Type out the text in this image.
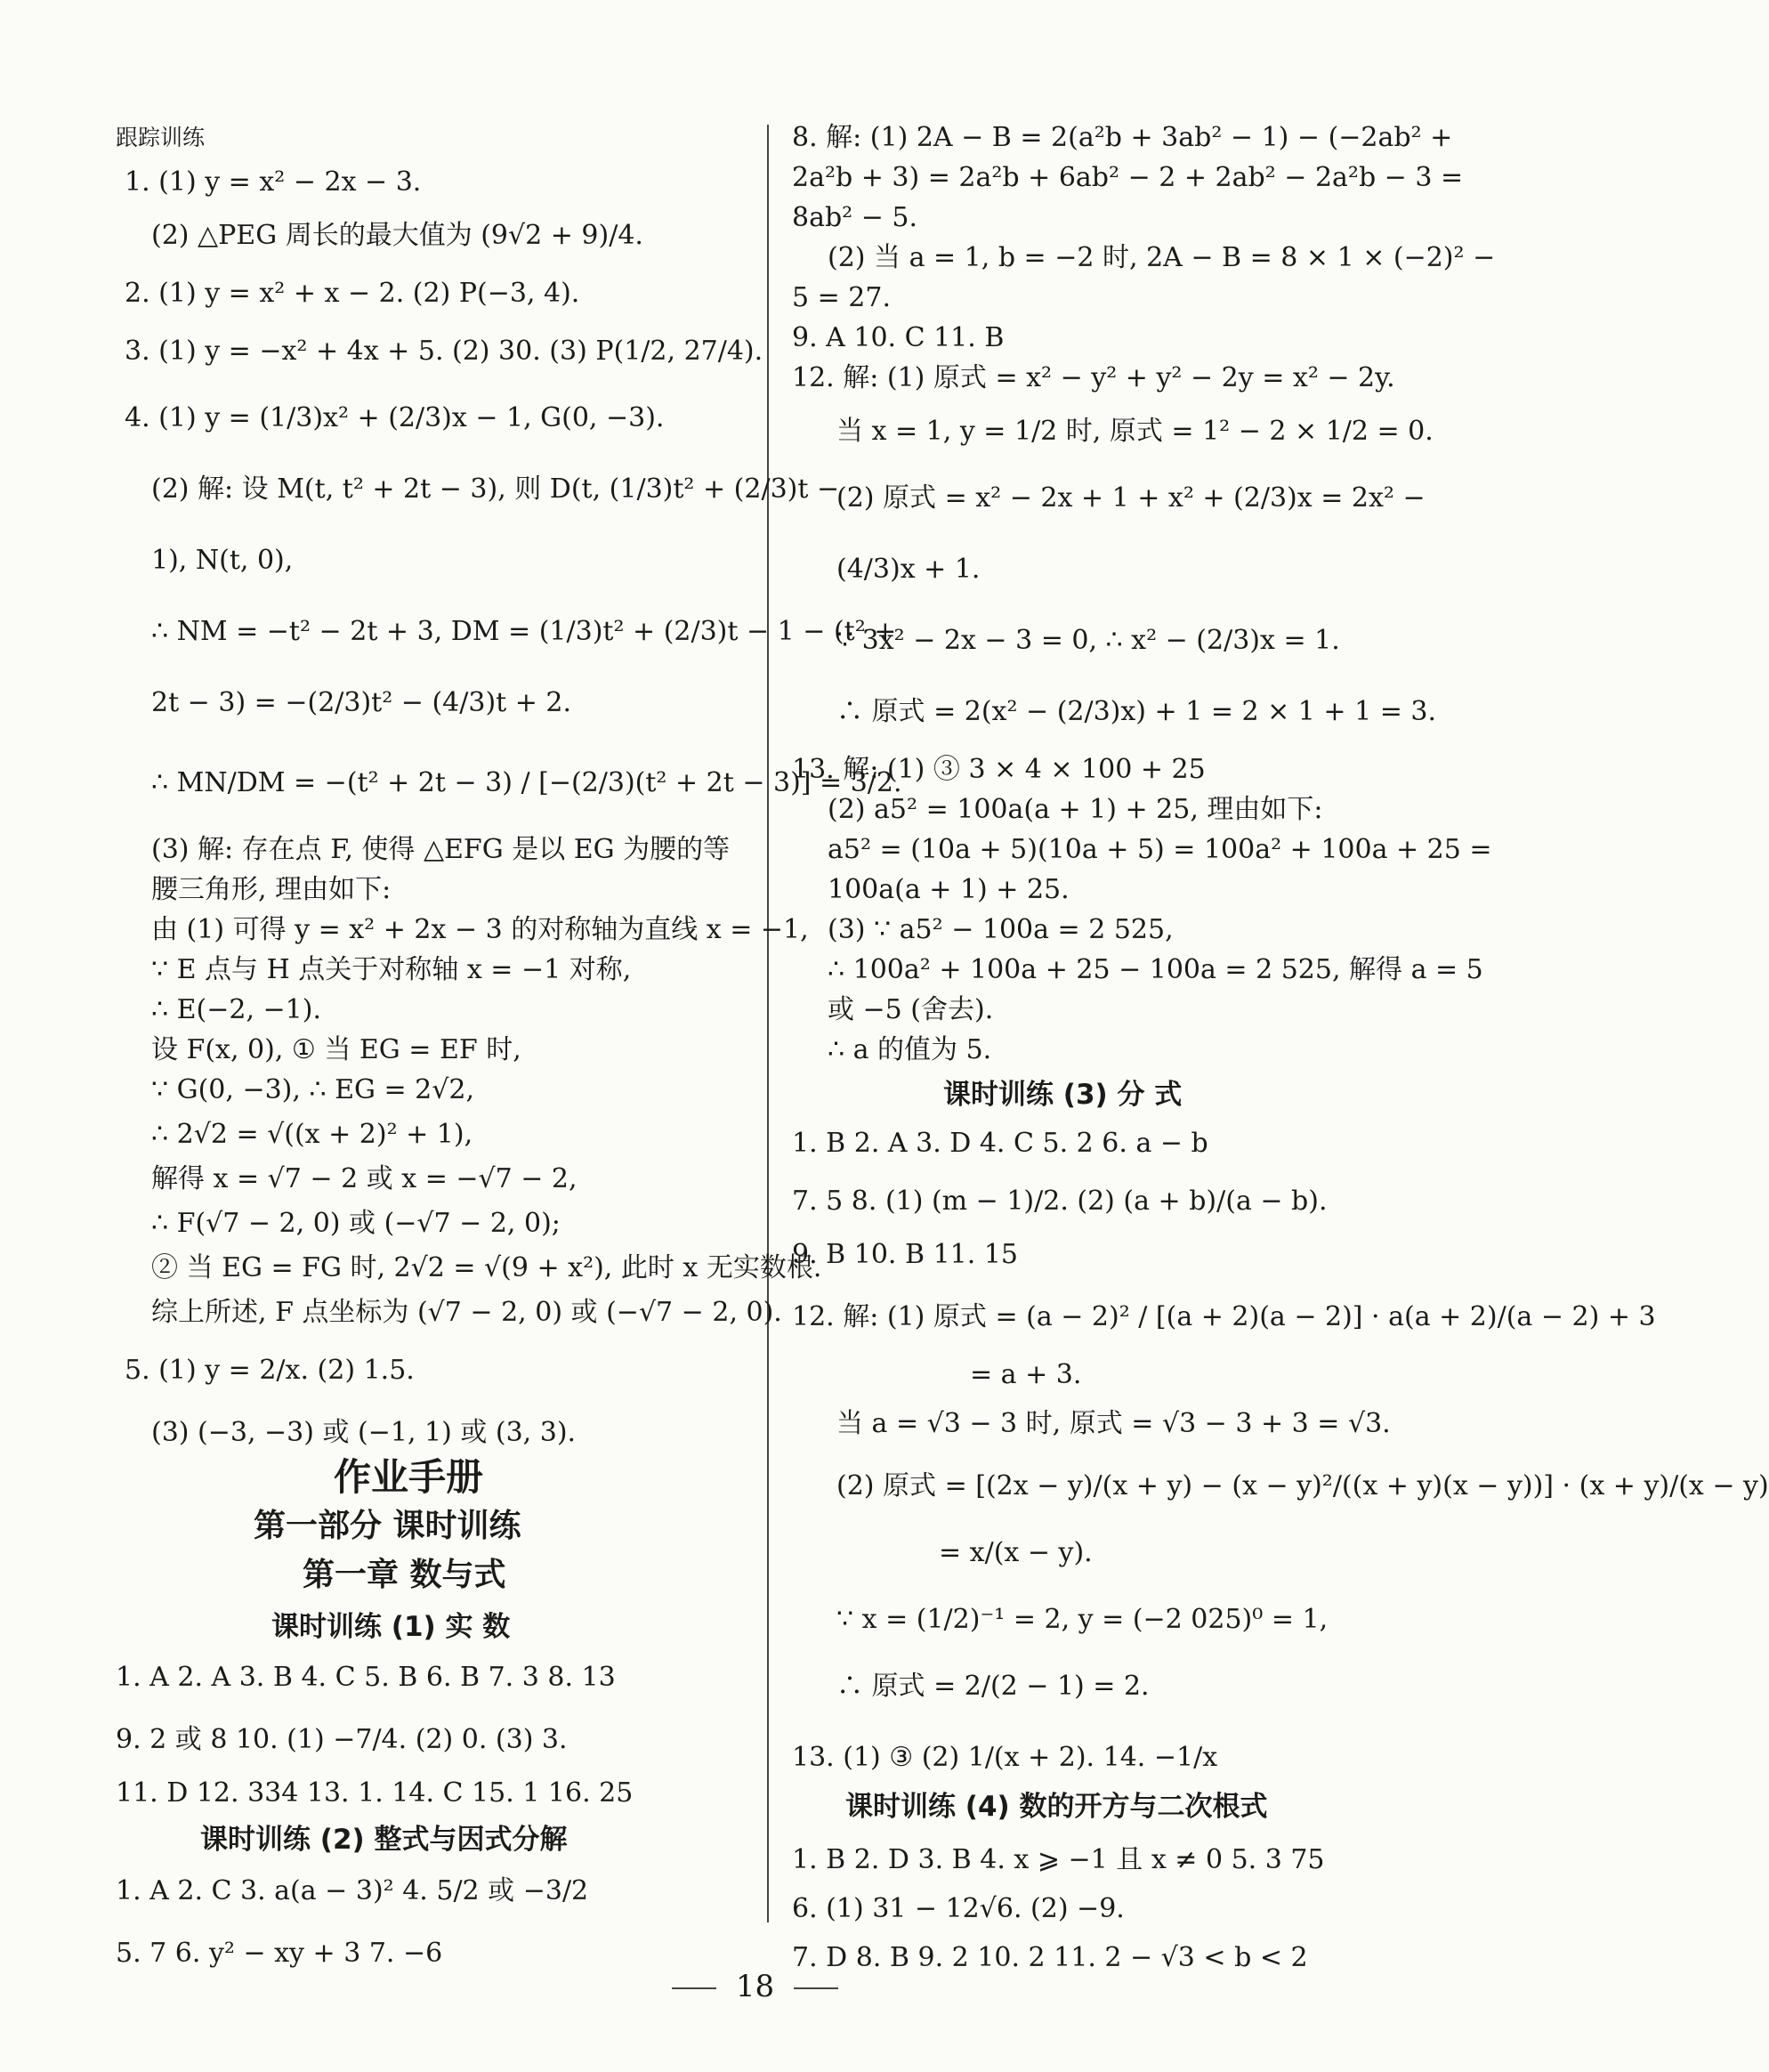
跟踪训练
1. (1) y = x² − 2x − 3.
(2) △PEG 周长的最大值为 (9√2 + 9)/4.
2. (1) y = x² + x − 2. (2) P(−3, 4).
3. (1) y = −x² + 4x + 5. (2) 30. (3) P(1/2, 27/4).
4. (1) y = (1/3)x² + (2/3)x − 1, G(0, −3).
(2) 解: 设 M(t, t² + 2t − 3), 则 D(t, (1/3)t² + (2/3)t −
1), N(t, 0),
∴ NM = −t² − 2t + 3, DM = (1/3)t² + (2/3)t − 1 − (t² +
2t − 3) = −(2/3)t² − (4/3)t + 2.
∴ MN/DM = −(t² + 2t − 3) / [−(2/3)(t² + 2t − 3)] = 3/2.
(3) 解: 存在点 F, 使得 △EFG 是以 EG 为腰的等
腰三角形, 理由如下:
由 (1) 可得 y = x² + 2x − 3 的对称轴为直线 x = −1,
∵ E 点与 H 点关于对称轴 x = −1 对称,
∴ E(−2, −1).
设 F(x, 0), ① 当 EG = EF 时,
∵ G(0, −3), ∴ EG = 2√2,
∴ 2√2 = √((x + 2)² + 1),
解得 x = √7 − 2 或 x = −√7 − 2,
∴ F(√7 − 2, 0) 或 (−√7 − 2, 0);
② 当 EG = FG 时, 2√2 = √(9 + x²), 此时 x 无实数根.
综上所述, F 点坐标为 (√7 − 2, 0) 或 (−√7 − 2, 0).
5. (1) y = 2/x. (2) 1.5.
(3) (−3, −3) 或 (−1, 1) 或 (3, 3).
作业手册
第一部分 课时训练
第一章 数与式
课时训练 (1) 实 数
1. A 2. A 3. B 4. C 5. B 6. B 7. 3 8. 13
9. 2 或 8 10. (1) −7/4. (2) 0. (3) 3.
11. D 12. 334 13. 1. 14. C 15. 1 16. 25
课时训练 (2) 整式与因式分解
1. A 2. C 3. a(a − 3)² 4. 5/2 或 −3/2
5. 7 6. y² − xy + 3 7. −6
8. 解: (1) 2A − B = 2(a²b + 3ab² − 1) − (−2ab² +
2a²b + 3) = 2a²b + 6ab² − 2 + 2ab² − 2a²b − 3 =
8ab² − 5.
(2) 当 a = 1, b = −2 时, 2A − B = 8 × 1 × (−2)² −
5 = 27.
9. A 10. C 11. B
12. 解: (1) 原式 = x² − y² + y² − 2y = x² − 2y.
当 x = 1, y = 1/2 时, 原式 = 1² − 2 × 1/2 = 0.
(2) 原式 = x² − 2x + 1 + x² + (2/3)x = 2x² −
(4/3)x + 1.
∵ 3x² − 2x − 3 = 0, ∴ x² − (2/3)x = 1.
∴ 原式 = 2(x² − (2/3)x) + 1 = 2 × 1 + 1 = 3.
13. 解: (1) ③ 3 × 4 × 100 + 25
(2) a5² = 100a(a + 1) + 25, 理由如下:
a5² = (10a + 5)(10a + 5) = 100a² + 100a + 25 =
100a(a + 1) + 25.
(3) ∵ a5² − 100a = 2 525,
∴ 100a² + 100a + 25 − 100a = 2 525, 解得 a = 5
或 −5 (舍去).
∴ a 的值为 5.
课时训练 (3) 分 式
1. B 2. A 3. D 4. C 5. 2 6. a − b
7. 5 8. (1) (m − 1)/2. (2) (a + b)/(a − b).
9. B 10. B 11. 15
12. 解: (1) 原式 = (a − 2)² / [(a + 2)(a − 2)] · a(a + 2)/(a − 2) + 3
= a + 3.
当 a = √3 − 3 时, 原式 = √3 − 3 + 3 = √3.
(2) 原式 = [(2x − y)/(x + y) − (x − y)²/((x + y)(x − y))] · (x + y)/(x − y)
= x/(x − y).
∵ x = (1/2)⁻¹ = 2, y = (−2 025)⁰ = 1,
∴ 原式 = 2/(2 − 1) = 2.
13. (1) ③ (2) 1/(x + 2). 14. −1/x
课时训练 (4) 数的开方与二次根式
1. B 2. D 3. B 4. x ⩾ −1 且 x ≠ 0 5. 3 75
6. (1) 31 − 12√6. (2) −9.
7. D 8. B 9. 2 10. 2 11. 2 − √3 < b < 2
18
